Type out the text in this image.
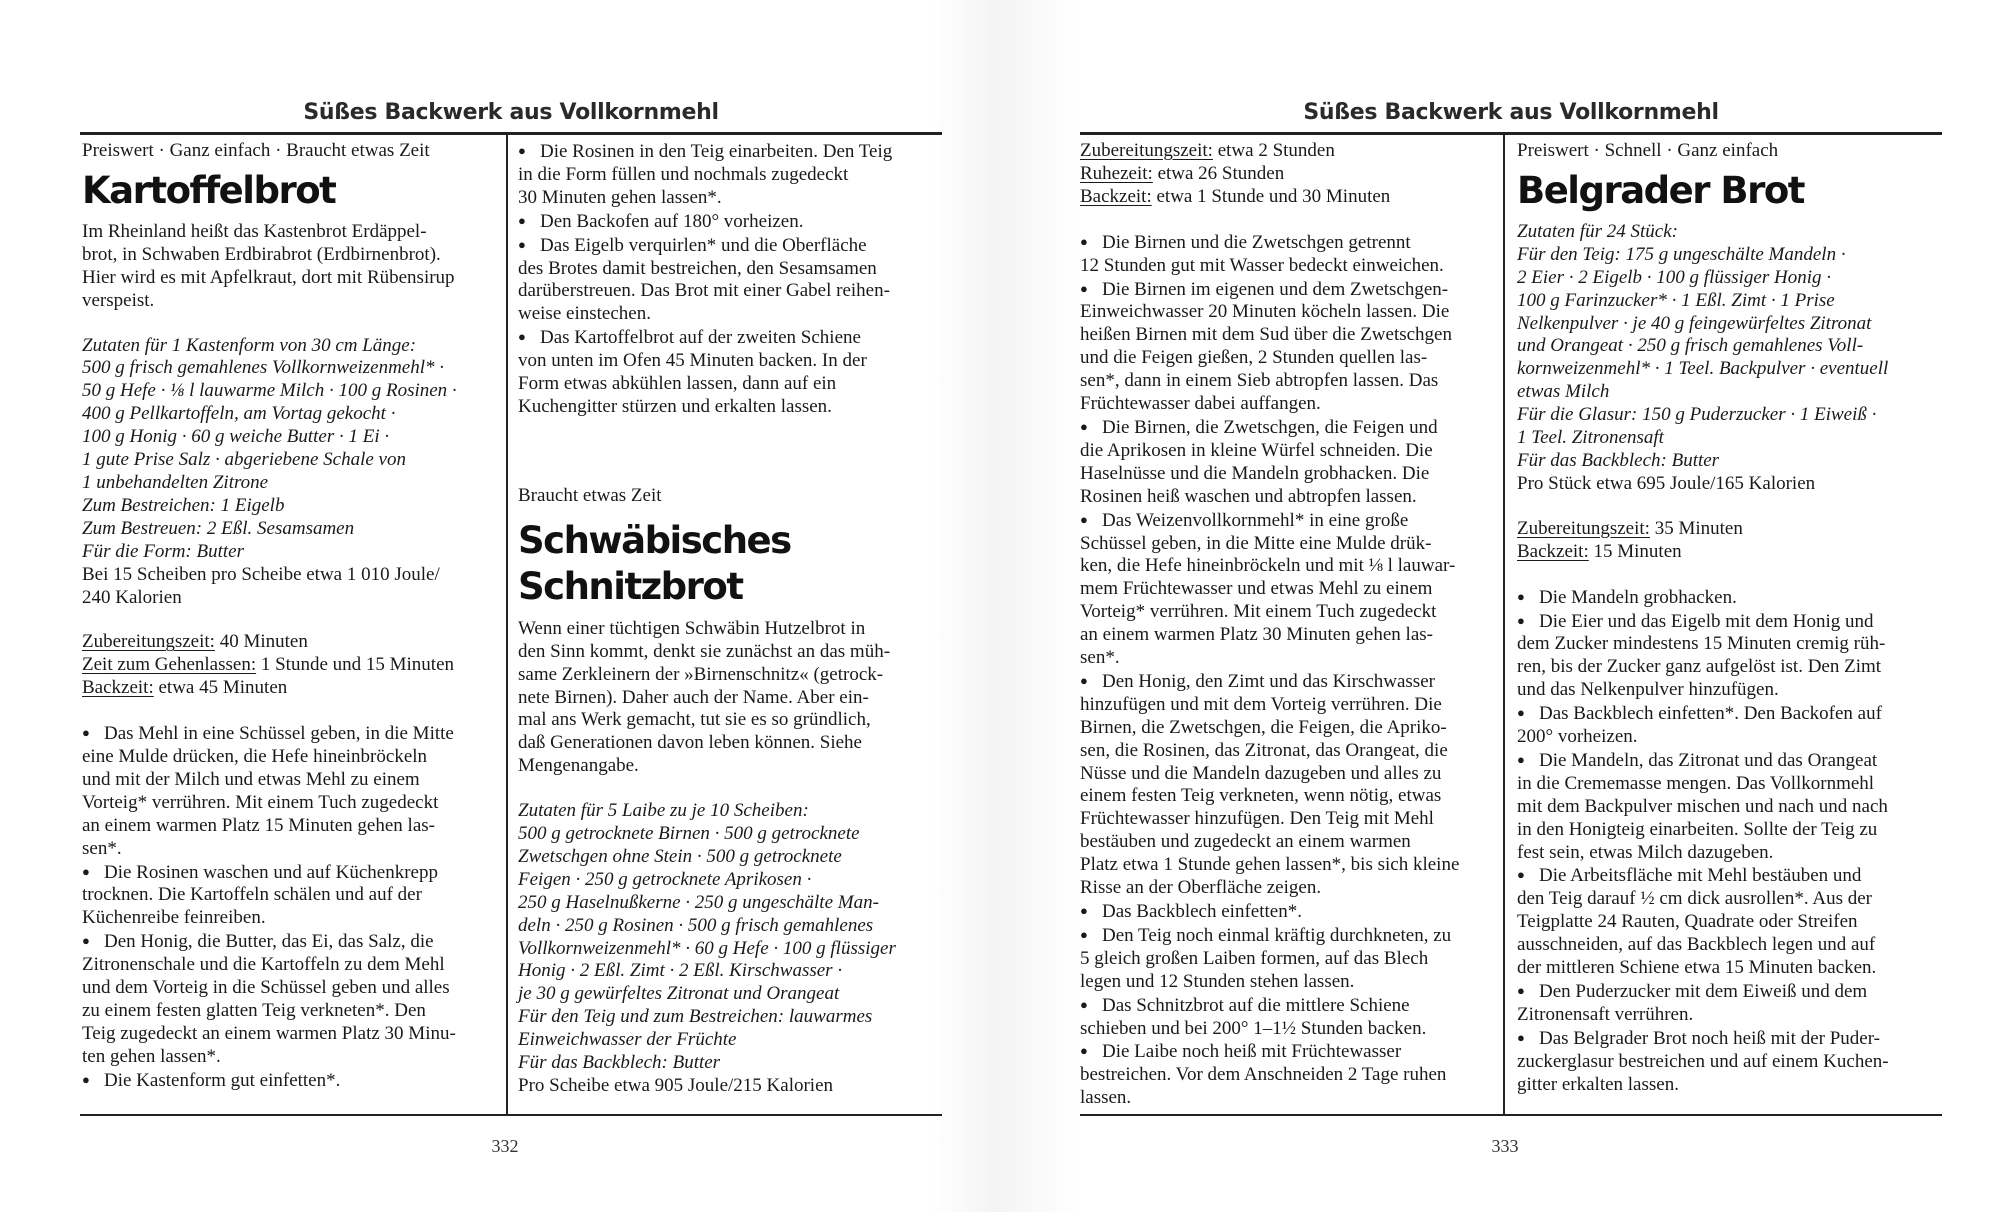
Süßes Backwerk aus Vollkornmehl

Preiswert · Ganz einfach · Braucht etwas Zeit

Kartoffelbrot
Im Rheinland heißt das Kastenbrot Erdäppel-
brot, in Schwaben Erdbirabrot (Erdbirnenbrot).
Hier wird es mit Apfelkraut, dort mit Rübensirup
verspeist.
Zutaten für 1 Kastenform von 30 cm Länge:
500 g frisch gemahlenes Vollkornweizenmehl* ·
50 g Hefe · ⅛ l lauwarme Milch · 100 g Rosinen ·
400 g Pellkartoffeln, am Vortag gekocht ·
100 g Honig · 60 g weiche Butter · 1 Ei ·
1 gute Prise Salz · abgeriebene Schale von
1 unbehandelten Zitrone
Zum Bestreichen: 1 Eigelb
Zum Bestreuen: 2 Eßl. Sesamsamen
Für die Form: Butter
Bei 15 Scheiben pro Scheibe etwa 1 010 Joule/
240 Kalorien
Zubereitungszeit: 40 Minuten
Zeit zum Gehenlassen: 1 Stunde und 15 Minuten
Backzeit: etwa 45 Minuten
● Das Mehl in eine Schüssel geben, in die Mitte
eine Mulde drücken, die Hefe hineinbröckeln
und mit der Milch und etwas Mehl zu einem
Vorteig* verrühren. Mit einem Tuch zugedeckt
an einem warmen Platz 15 Minuten gehen las-
sen*.
● Die Rosinen waschen und auf Küchenkrepp
trocknen. Die Kartoffeln schälen und auf der
Küchenreibe feinreiben.
● Den Honig, die Butter, das Ei, das Salz, die
Zitronenschale und die Kartoffeln zu dem Mehl
und dem Vorteig in die Schüssel geben und alles
zu einem festen glatten Teig verkneten*. Den
Teig zugedeckt an einem warmen Platz 30 Minu-
ten gehen lassen*.
● Die Kastenform gut einfetten*.
● Die Rosinen in den Teig einarbeiten. Den Teig
in die Form füllen und nochmals zugedeckt
30 Minuten gehen lassen*.
● Den Backofen auf 180° vorheizen.
● Das Eigelb verquirlen* und die Oberfläche
des Brotes damit bestreichen, den Sesamsamen
darüberstreuen. Das Brot mit einer Gabel reihen-
weise einstechen.
● Das Kartoffelbrot auf der zweiten Schiene
von unten im Ofen 45 Minuten backen. In der
Form etwas abkühlen lassen, dann auf ein
Kuchengitter stürzen und erkalten lassen.

Braucht etwas Zeit

Schwäbisches
Schnitzbrot
Wenn einer tüchtigen Schwäbin Hutzelbrot in
den Sinn kommt, denkt sie zunächst an das müh-
same Zerkleinern der »Birnenschnitz« (getrock-
nete Birnen). Daher auch der Name. Aber ein-
mal ans Werk gemacht, tut sie es so gründlich,
daß Generationen davon leben können. Siehe
Mengenangabe.
Zutaten für 5 Laibe zu je 10 Scheiben:
500 g getrocknete Birnen · 500 g getrocknete
Zwetschgen ohne Stein · 500 g getrocknete
Feigen · 250 g getrocknete Aprikosen ·
250 g Haselnußkerne · 250 g ungeschälte Man-
deln · 250 g Rosinen · 500 g frisch gemahlenes
Vollkornweizenmehl* · 60 g Hefe · 100 g flüssiger
Honig · 2 Eßl. Zimt · 2 Eßl. Kirschwasser ·
je 30 g gewürfeltes Zitronat und Orangeat
Für den Teig und zum Bestreichen: lauwarmes
Einweichwasser der Früchte
Für das Backblech: Butter

Pro Scheibe etwa 905 Joule/215 Kalorien

332
Süßes Backwerk aus Vollkornmehl
Zubereitungszeit: etwa 2 Stunden
Ruhezeit: etwa 26 Stunden
Backzeit: etwa 1 Stunde und 30 Minuten
● Die Birnen und die Zwetschgen getrennt
12 Stunden gut mit Wasser bedeckt einweichen.
● Die Birnen im eigenen und dem Zwetschgen-
Einweichwasser 20 Minuten köcheln lassen. Die
heißen Birnen mit dem Sud über die Zwetschgen
und die Feigen gießen, 2 Stunden quellen las-
sen*, dann in einem Sieb abtropfen lassen. Das
Früchtewasser dabei auffangen.
● Die Birnen, die Zwetschgen, die Feigen und
die Aprikosen in kleine Würfel schneiden. Die
Haselnüsse und die Mandeln grobhacken. Die
Rosinen heiß waschen und abtropfen lassen.
● Das Weizenvollkornmehl* in eine große
Schüssel geben, in die Mitte eine Mulde drük-
ken, die Hefe hineinbröckeln und mit ⅛ l lauwar-
mem Früchtewasser und etwas Mehl zu einem
Vorteig* verrühren. Mit einem Tuch zugedeckt
an einem warmen Platz 30 Minuten gehen las-
sen*.
● Den Honig, den Zimt und das Kirschwasser
hinzufügen und mit dem Vorteig verrühren. Die
Birnen, die Zwetschgen, die Feigen, die Apriko-
sen, die Rosinen, das Zitronat, das Orangeat, die
Nüsse und die Mandeln dazugeben und alles zu
einem festen Teig verkneten, wenn nötig, etwas
Früchtewasser hinzufügen. Den Teig mit Mehl
bestäuben und zugedeckt an einem warmen
Platz etwa 1 Stunde gehen lassen*, bis sich kleine
Risse an der Oberfläche zeigen.
● Das Backblech einfetten*.
● Den Teig noch einmal kräftig durchkneten, zu
5 gleich großen Laiben formen, auf das Blech
legen und 12 Stunden stehen lassen.
● Das Schnitzbrot auf die mittlere Schiene
schieben und bei 200° 1–1½ Stunden backen.
● Die Laibe noch heiß mit Früchtewasser
bestreichen. Vor dem Anschneiden 2 Tage ruhen
lassen.

Preiswert · Schnell · Ganz einfach

Belgrader Brot
Zutaten für 24 Stück:
Für den Teig: 175 g ungeschälte Mandeln ·
2 Eier · 2 Eigelb · 100 g flüssiger Honig ·
100 g Farinzucker* · 1 Eßl. Zimt · 1 Prise
Nelkenpulver · je 40 g feingewürfeltes Zitronat
und Orangeat · 250 g frisch gemahlenes Voll-
kornweizenmehl* · 1 Teel. Backpulver · eventuell
etwas Milch
Für die Glasur: 150 g Puderzucker · 1 Eiweiß ·
1 Teel. Zitronensaft
Für das Backblech: Butter

Pro Stück etwa 695 Joule/165 Kalorien

Zubereitungszeit: 35 Minuten
Backzeit: 15 Minuten
● Die Mandeln grobhacken.
● Die Eier und das Eigelb mit dem Honig und
dem Zucker mindestens 15 Minuten cremig rüh-
ren, bis der Zucker ganz aufgelöst ist. Den Zimt
und das Nelkenpulver hinzufügen.
● Das Backblech einfetten*. Den Backofen auf
200° vorheizen.
● Die Mandeln, das Zitronat und das Orangeat
in die Crememasse mengen. Das Vollkornmehl
mit dem Backpulver mischen und nach und nach
in den Honigteig einarbeiten. Sollte der Teig zu
fest sein, etwas Milch dazugeben.
● Die Arbeitsfläche mit Mehl bestäuben und
den Teig darauf ½ cm dick ausrollen*. Aus der
Teigplatte 24 Rauten, Quadrate oder Streifen
ausschneiden, auf das Backblech legen und auf
der mittleren Schiene etwa 15 Minuten backen.
● Den Puderzucker mit dem Eiweiß und dem
Zitronensaft verrühren.
● Das Belgrader Brot noch heiß mit der Puder-
zuckerglasur bestreichen und auf einem Kuchen-
gitter erkalten lassen.
333
